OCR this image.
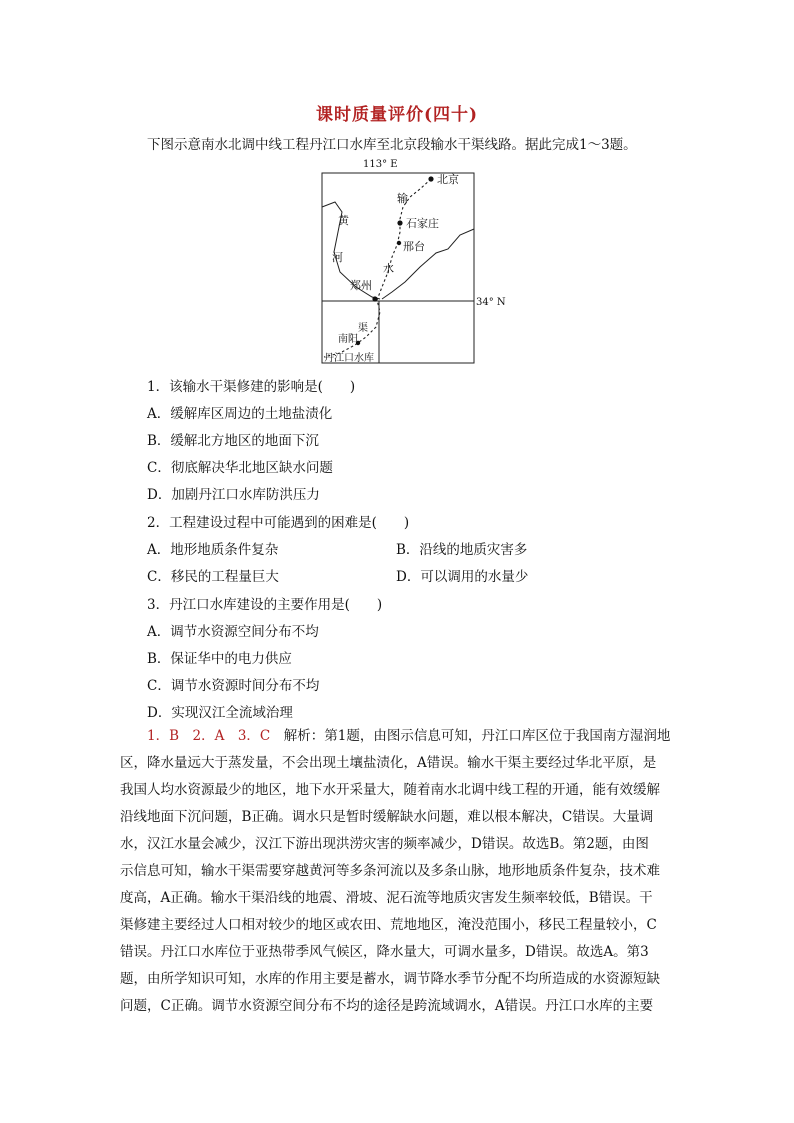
课时质量评价(四十)
下图示意南水北调中线工程丹江口水库至北京段输水干渠线路。据此完成1～3题。
113° E
34° N
北京
石家庄
邢台
郑州
南阳
丹江口水库
黄
河
输
水
渠
1．该输水干渠修建的影响是(　　)
A．缓解库区周边的土地盐渍化
B．缓解北方地区的地面下沉
C．彻底解决华北地区缺水问题
D．加剧丹江口水库防洪压力
2．工程建设过程中可能遇到的困难是(　　)
A．地形地质条件复杂	B．沿线的地质灾害多
C．移民的工程量巨大	D．可以调用的水量少
3．丹江口水库建设的主要作用是(　　)
A．调节水资源空间分布不均
B．保证华中的电力供应
C．调节水资源时间分布不均
D．实现汉江全流域治理
1．B　2．A　3．C　解析：第1题，由图示信息可知，丹江口库区位于我国南方湿润地
区，降水量远大于蒸发量，不会出现土壤盐渍化，A错误。输水干渠主要经过华北平原，是
我国人均水资源最少的地区，地下水开采量大，随着南水北调中线工程的开通，能有效缓解
沿线地面下沉问题，B正确。调水只是暂时缓解缺水问题，难以根本解决，C错误。大量调
水，汉江水量会减少，汉江下游出现洪涝灾害的频率减少，D错误。故选B。第2题，由图
示信息可知，输水干渠需要穿越黄河等多条河流以及多条山脉，地形地质条件复杂，技术难
度高，A正确。输水干渠沿线的地震、滑坡、泥石流等地质灾害发生频率较低，B错误。干
渠修建主要经过人口相对较少的地区或农田、荒地地区，淹没范围小，移民工程量较小，C
错误。丹江口水库位于亚热带季风气候区，降水量大，可调水量多，D错误。故选A。第3
题，由所学知识可知，水库的作用主要是蓄水，调节降水季节分配不均所造成的水资源短缺
问题，C正确。调节水资源空间分布不均的途径是跨流域调水，A错误。丹江口水库的主要
